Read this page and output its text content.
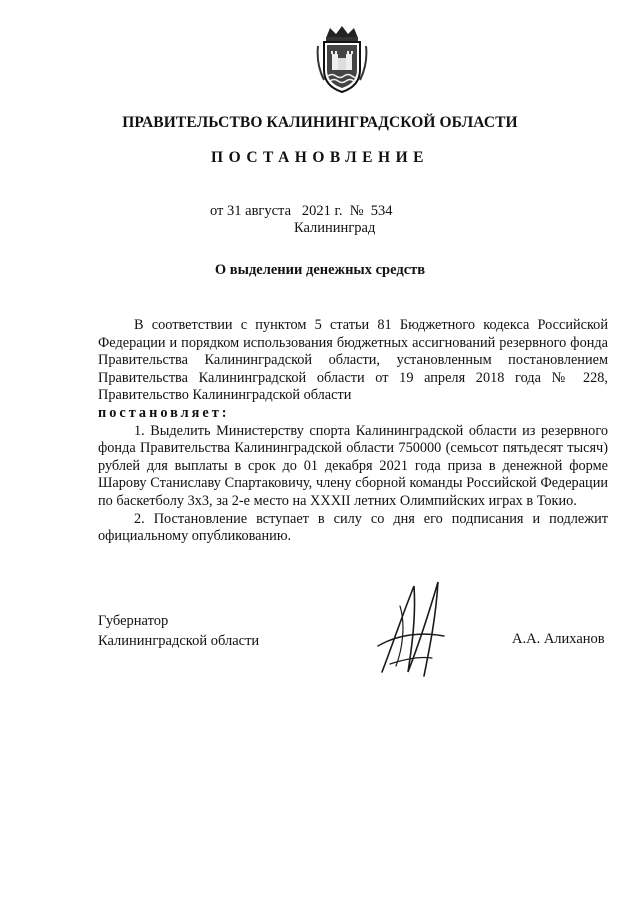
ПРАВИТЕЛЬСТВО КАЛИНИНГРАДСКОЙ ОБЛАСТИ
ПОСТАНОВЛЕНИЕ
от 31 августа 2021 г. № 534
Калининград
О выделении денежных средств

В соответствии с пунктом 5 статьи 81 Бюджетного кодекса Российской Федерации и порядком использования бюджетных ассигнований резервного фонда Правительства Калининградской области, установленным постановлением Правительства Калининградской области от 19 апреля 2018 года № 228, Правительство Калининградской области

постановляет:

1. Выделить Министерству спорта Калининградской области из резервного фонда Правительства Калининградской области 750000 (семьсот пятьдесят тысяч) рублей для выплаты в срок до 01 декабря 2021 года приза в денежной форме Шарову Станиславу Спартаковичу, члену сборной команды Российской Федерации по баскетболу 3x3, за 2-е место на XXXII летних Олимпийских играх в Токио.

2. Постановление вступает в силу со дня его подписания и подлежит официальному опубликованию.

Губернатор
Калининградской области	А.А. Алиханов
